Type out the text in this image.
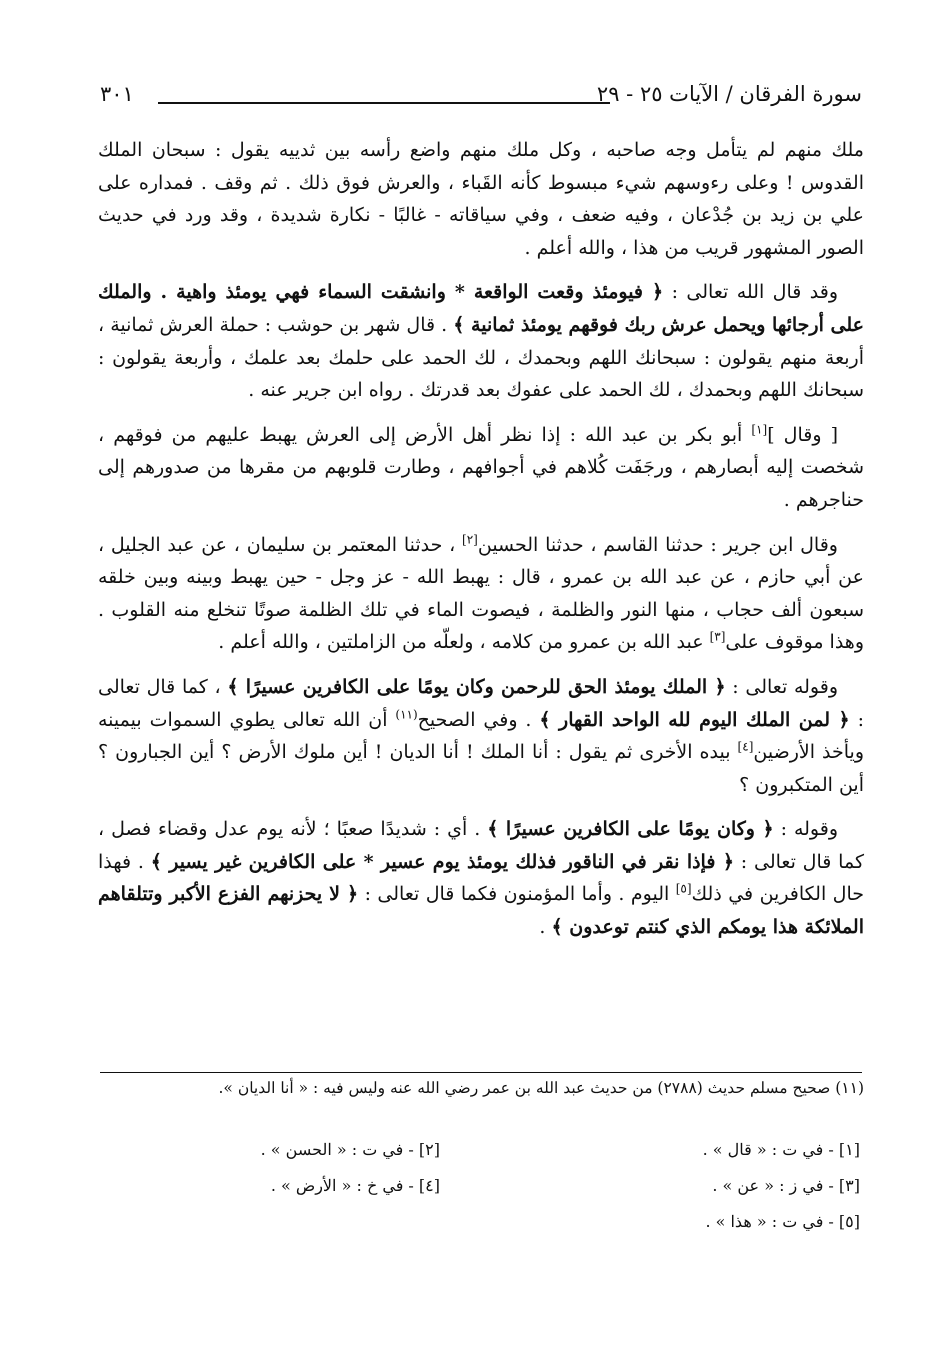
سورة الفرقان / الآيات ٢٥ - ٢٩
٣٠١

ملك منهم لم يتأمل وجه صاحبه ، وكل ملك منهم واضع رأسه بين ثدييه يقول : سبحان الملك القدوس ! وعلى رءوسهم شيء مبسوط كأنه القَباء ، والعرش فوق ذلك . ثم وقف . فمداره على علي بن زيد بن جُدْعان ، وفيه ضعف ، وفي سياقاته - غالبًا - نكارة شديدة ، وقد ورد في حديث الصور المشهور قريب من هذا ، والله أعلم .

وقد قال الله تعالى : ﴿ فيومئذ وقعت الواقعة * وانشقت السماء فهي يومئذ واهية . والملك على أرجائها ويحمل عرش ربك فوقهم يومئذ ثمانية ﴾ . قال شهر بن حوشب : حملة العرش ثمانية ، أربعة منهم يقولون : سبحانك اللهم وبحمدك ، لك الحمد على حلمك بعد علمك ، وأربعة يقولون : سبحانك اللهم وبحمدك ، لك الحمد على عفوك بعد قدرتك . رواه ابن جرير عنه .

[ وقال ][١] أبو بكر بن عبد الله : إذا نظر أهل الأرض إلى العرش يهبط عليهم من فوقهم ، شخصت إليه أبصارهم ، ورجَفَت كُلاهم في أجوافهم ، وطارت قلوبهم من مقرها من صدورهم إلى حناجرهم .

وقال ابن جرير : حدثنا القاسم ، حدثنا الحسين[٢] ، حدثنا المعتمر بن سليمان ، عن عبد الجليل ، عن أبي حازم ، عن عبد الله بن عمرو ، قال : يهبط الله - عز وجل - حين يهبط وبينه وبين خلقه سبعون ألف حجاب ، منها النور والظلمة ، فيصوت الماء في تلك الظلمة صوتًا تنخلع منه القلوب . وهذا موقوف على[٣] عبد الله بن عمرو من كلامه ، ولعلّه من الزاملتين ، والله أعلم .

وقوله تعالى : ﴿ الملك يومئذ الحق للرحمن وكان يومًا على الكافرين عسيرًا ﴾ ، كما قال تعالى : ﴿ لمن الملك اليوم لله الواحد القهار ﴾ . وفي الصحيح$^{(١١)}$ أن الله تعالى يطوي السموات بيمينه ويأخذ الأرضين[٤] بيده الأخرى ثم يقول : أنا الملك ! أنا الديان ! أين ملوك الأرض ؟ أين الجبارون ؟ أين المتكبرون ؟

وقوله : ﴿ وكان يومًا على الكافرين عسيرًا ﴾ . أي : شديدًا صعبًا ؛ لأنه يوم عدل وقضاء فصل ، كما قال تعالى : ﴿ فإذا نقر في الناقور فذلك يومئذ يوم عسير * على الكافرين غير يسير ﴾ . فهذا حال الكافرين في ذلك[٥] اليوم . وأما المؤمنون فكما قال تعالى : ﴿ لا يحزنهم الفزع الأكبر وتتلقاهم الملائكة هذا يومكم الذي كنتم توعدون ﴾ .

(١١) صحيح مسلم حديث (٢٧٨٨) من حديث عبد الله بن عمر رضي الله عنه وليس فيه : « أنا الديان ».
[١] - في ت : « قال » .
[٢] - في ت : « الحسن » .
[٣] - في ز : « عن » .
[٤] - في خ : « الأرض » .
[٥] - في ت : « هذا » .
